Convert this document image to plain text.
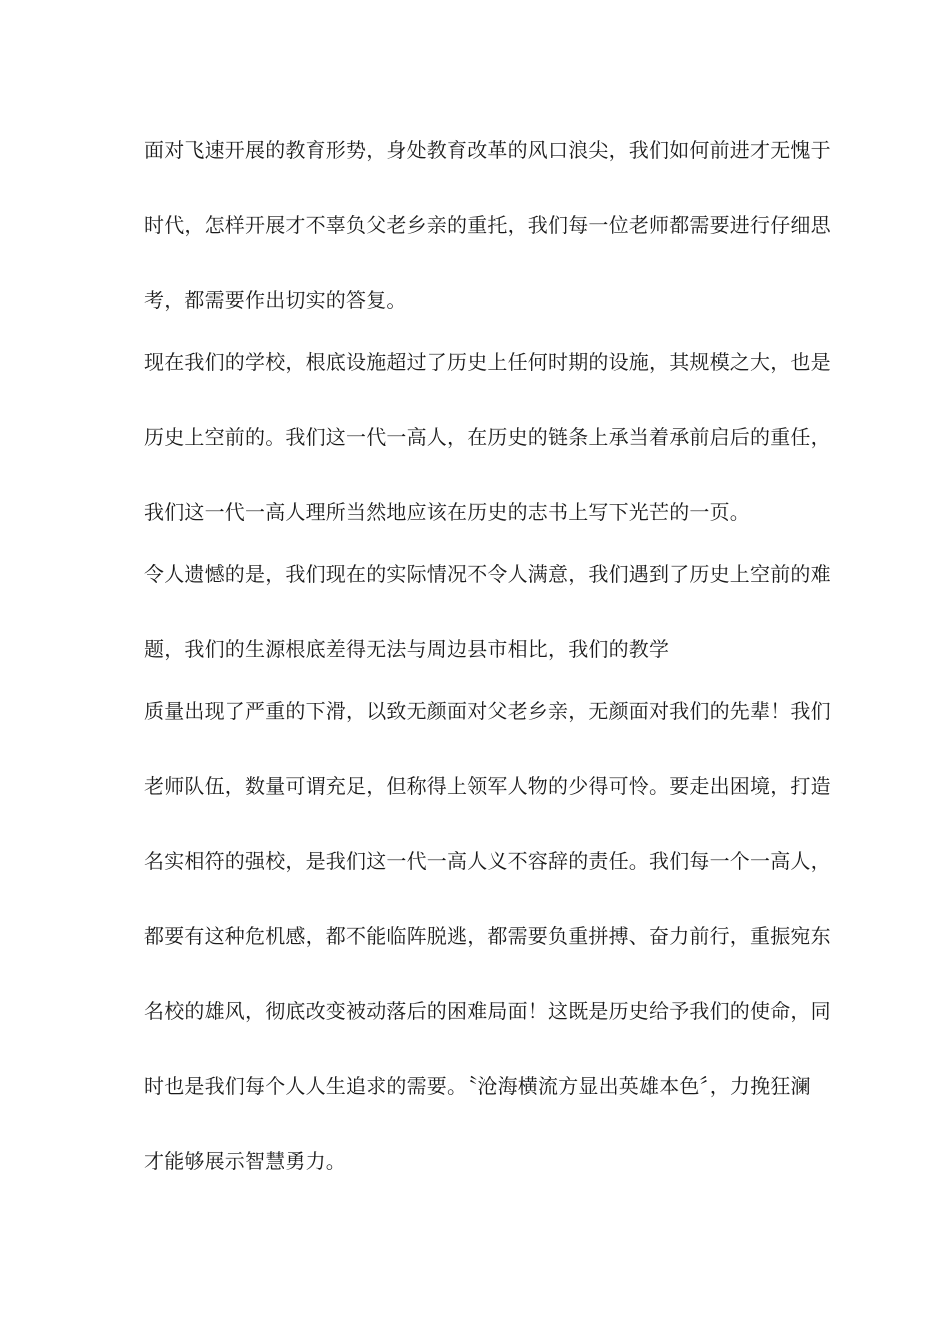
面对飞速开展的教育形势，身处教育改革的风口浪尖，我们如何前进才无愧于
时代，怎样开展才不辜负父老乡亲的重托，我们每一位老师都需要进行仔细思
考，都需要作出切实的答复。
现在我们的学校，根底设施超过了历史上任何时期的设施，其规模之大，也是
历史上空前的。我们这一代一高人，在历史的链条上承当着承前启后的重任，
我们这一代一高人理所当然地应该在历史的志书上写下光芒的一页。
令人遗憾的是，我们现在的实际情况不令人满意，我们遇到了历史上空前的难
题，我们的生源根底差得无法与周边县市相比，我们的教学
质量出现了严重的下滑，以致无颜面对父老乡亲，无颜面对我们的先辈！我们
老师队伍，数量可谓充足，但称得上领军人物的少得可怜。要走出困境，打造
名实相符的强校，是我们这一代一高人义不容辞的责任。我们每一个一高人，
都要有这种危机感，都不能临阵脱逃，都需要负重拼搏、奋力前行，重振宛东
名校的雄风，彻底改变被动落后的困难局面！这既是历史给予我们的使命，同
时也是我们每个人人生追求的需要。〝沧海横流方显出英雄本色〞，力挽狂澜
才能够展示智慧勇力。
